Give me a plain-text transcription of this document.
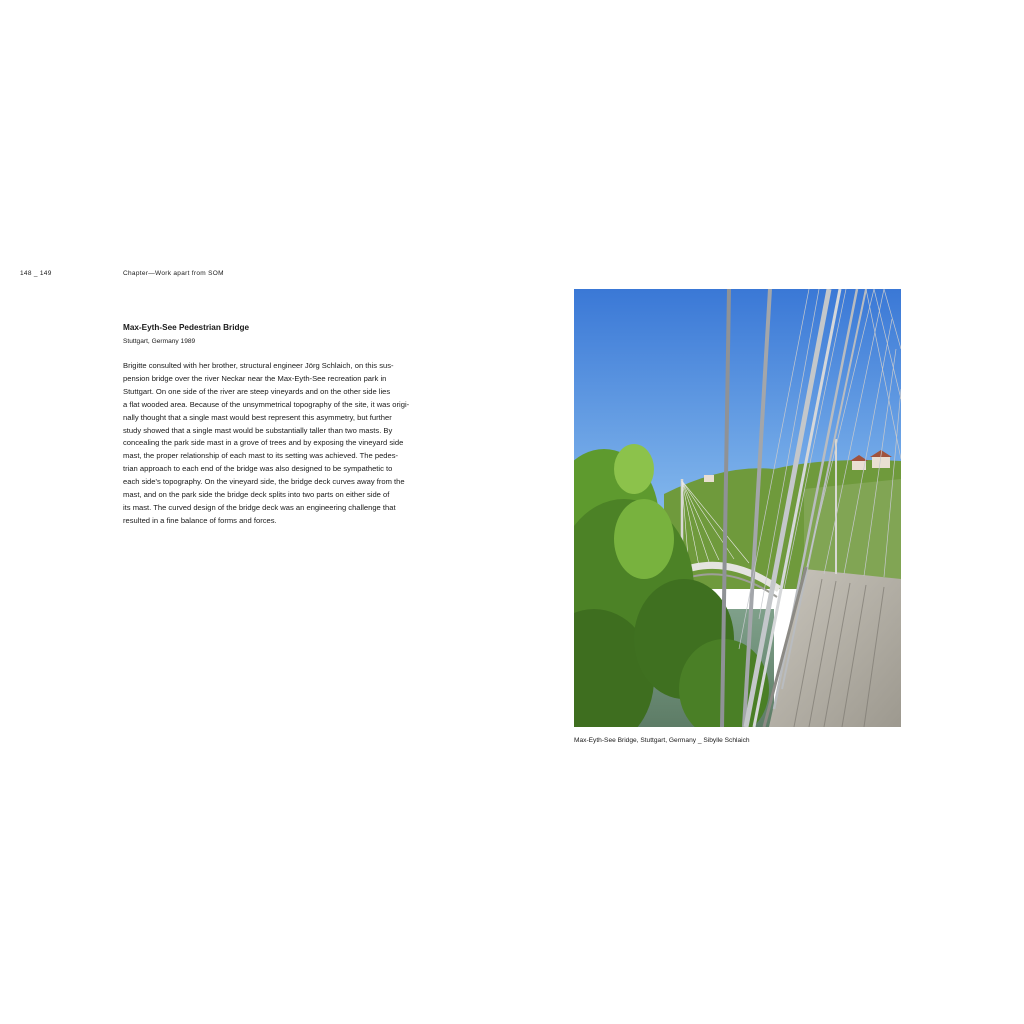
148 _ 149	Chapter—Work apart from SOM
Max-Eyth-See Pedestrian Bridge
Stuttgart, Germany 1989
Brigitte consulted with her brother, structural engineer Jörg Schlaich, on this sus-
pension bridge over the river Neckar near the Max-Eyth-See recreation park in
Stuttgart. On one side of the river are steep vineyards and on the other side lies
a flat wooded area. Because of the unsymmetrical topography of the site, it was origi-
nally thought that a single mast would best represent this asymmetry, but further
study showed that a single mast would be substantially taller than two masts. By
concealing the park side mast in a grove of trees and by exposing the vineyard side
mast, the proper relationship of each mast to its setting was achieved. The pedes-
trian approach to each end of the bridge was also designed to be sympathetic to
each side's topography. On the vineyard side, the bridge deck curves away from the
mast, and on the park side the bridge deck splits into two parts on either side of
its mast. The curved design of the bridge deck was an engineering challenge that
resulted in a fine balance of forms and forces.
Max-Eyth-See Bridge, Stuttgart, Germany _ Sibylle Schlaich
